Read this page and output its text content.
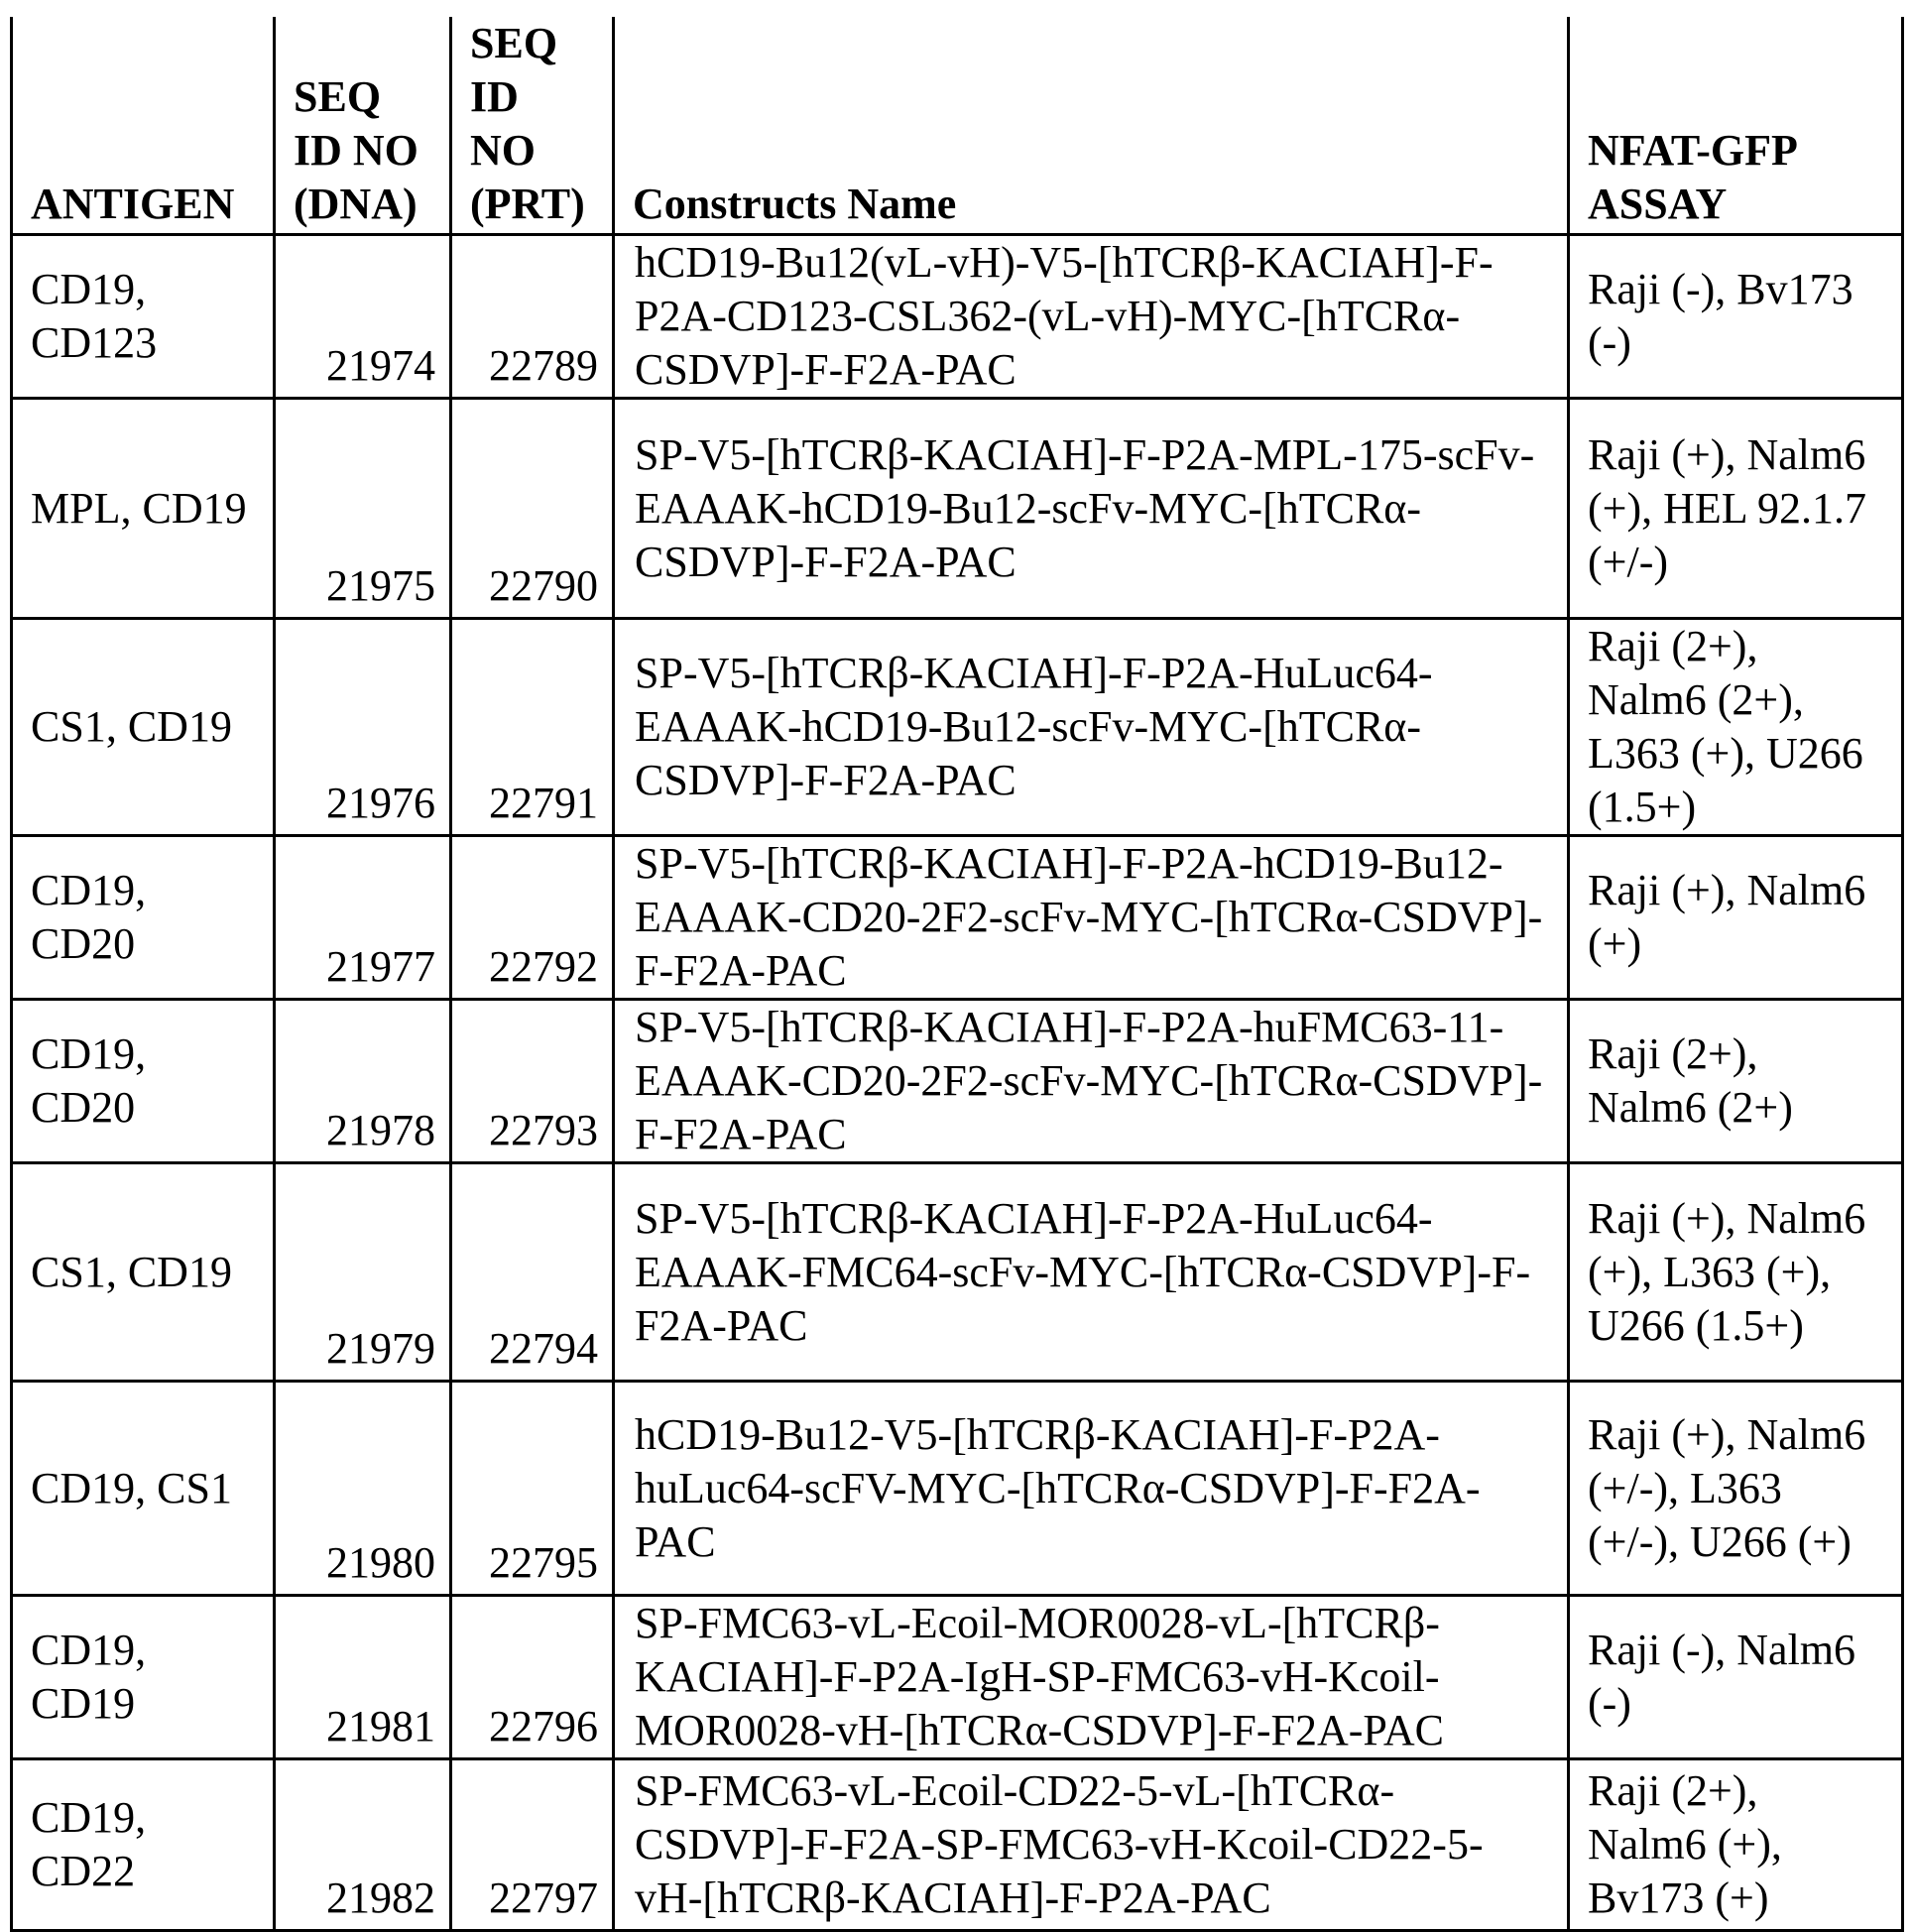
ANTIGEN	SEQ ID NO (DNA)	SEQ ID NO (PRT)	Constructs Name	NFAT-GFP ASSAY
CD19, CD123	21974	22789	hCD19-Bu12(vL-vH)-V5-[hTCRβ-KACIAH]-F-P2A-CD123-CSL362-(vL-vH)-MYC-[hTCRα-CSDVP]-F-F2A-PAC	Raji (-), Bv173 (-)
MPL, CD19	21975	22790	SP-V5-[hTCRβ-KACIAH]-F-P2A-MPL-175-scFv-EAAAK-hCD19-Bu12-scFv-MYC-[hTCRα-CSDVP]-F-F2A-PAC	Raji (+), Nalm6 (+), HEL 92.1.7 (+/-)
CS1, CD19	21976	22791	SP-V5-[hTCRβ-KACIAH]-F-P2A-HuLuc64-EAAAK-hCD19-Bu12-scFv-MYC-[hTCRα-CSDVP]-F-F2A-PAC	Raji (2+), Nalm6 (2+), L363 (+), U266 (1.5+)
CD19, CD20	21977	22792	SP-V5-[hTCRβ-KACIAH]-F-P2A-hCD19-Bu12-EAAAK-CD20-2F2-scFv-MYC-[hTCRα-CSDVP]-F-F2A-PAC	Raji (+), Nalm6 (+)
CD19, CD20	21978	22793	SP-V5-[hTCRβ-KACIAH]-F-P2A-huFMC63-11-EAAAK-CD20-2F2-scFv-MYC-[hTCRα-CSDVP]-F-F2A-PAC	Raji (2+), Nalm6 (2+)
CS1, CD19	21979	22794	SP-V5-[hTCRβ-KACIAH]-F-P2A-HuLuc64-EAAAK-FMC64-scFv-MYC-[hTCRα-CSDVP]-F-F2A-PAC	Raji (+), Nalm6 (+), L363 (+), U266 (1.5+)
CD19, CS1	21980	22795	hCD19-Bu12-V5-[hTCRβ-KACIAH]-F-P2A-huLuc64-scFV-MYC-[hTCRα-CSDVP]-F-F2A-PAC	Raji (+), Nalm6 (+/-), L363 (+/-), U266 (+)
CD19, CD19	21981	22796	SP-FMC63-vL-Ecoil-MOR0028-vL-[hTCRβ-KACIAH]-F-P2A-IgH-SP-FMC63-vH-Kcoil-MOR0028-vH-[hTCRα-CSDVP]-F-F2A-PAC	Raji (-), Nalm6 (-)
CD19, CD22	21982	22797	SP-FMC63-vL-Ecoil-CD22-5-vL-[hTCRα-CSDVP]-F-F2A-SP-FMC63-vH-Kcoil-CD22-5-vH-[hTCRβ-KACIAH]-F-P2A-PAC	Raji (2+), Nalm6 (+), Bv173 (+)
